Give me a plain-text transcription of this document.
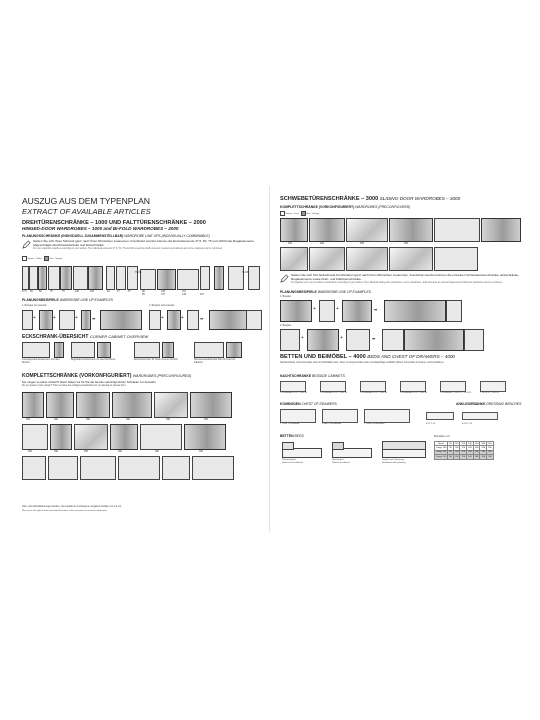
AUSZUG AUS DEM TYPENPLAN
EXTRACT OF AVAILABLE ARTICLES
DREHTÜRENSCHRÄNKE – 1000 UND FALTTÜRENSCHRÄNKE – 2000
HINGED-DOOR WARDROBES – 1000 and BI-FOLD WARDROBES – 2000
PLANUNGSSCHRÄNKE (INDIVIDUELL ZUSAMMENSTELLBAR) WARDROBE LINE UPS (INDIVIDUALLY COMBINABLE)
Stellen Sie sich Ihren Schrank ganz nach Ihren Wünschen zusammen. Kombiniert werden können die Einzelelemente 37,5, 50, 75 und 100 breite Regalelemente, abgeschrägte Abschlussschränke und Eckschränke.
Put your wardrobe together according to your wishes. The individual elements 37,5, 50, 75 and 100 as well as shelf elements, beveled end cabinets and corner cabinets can be combined.
Korpus · Falttür    Glas · Spiegel
37,5 50	50	75	75	100	100	40	47	57	98	128	157
65	137	146	157
H 236	H 216
PLANUNGSBEISPIELE WARDROBE LINE UP EXAMPLES
1. Beispiel 1st example	2. Beispiel 2nd example
+	+	+	➡	+	+	➡
ECKSCHRANK-ÜBERSICHT CORNER CABINET OVERVIEW
Innenliegendes Eckelement mit einer Drehtür
Begehbarer Eckschrank mit zwei Drehtüren	Eckschrank über 90 Grad mit einer Drehtür	Panorama-Eckschrank über 90 Grad mit Falttüren
KOMPLETTSCHRÄNKE (VORKONFIGURIERT) WARDROBES (PRECONFIGURED)
Sie mögen es lieber einfach? Dann haben wir für Sie die bereits vorkonfigurierten Schränke zur Auswahl.
Do you prefer it more simple? Then we have the configured wardrobes for you already to choose from.
150	200	250	300	250	300
200	150	250	200	300	300
Farb- und Modelländerungen bleiben, die Auswahl an vorhandenen Angaben behalten wir uns vor.
We reserve the right to color and model deviations in the correction of erroneous information.
SCHWEBETÜRENSCHRÄNKE – 3000 SLIDING-DOOR WARDROBES – 3000
KOMPLETTSCHRÄNKE (VORKONFIGURIERT) WARDROBES (PRECONFIGURED)
Korpus · Front    Glas · Spiegel
150	200	250	300
Stellen Sie sich Ihre Eckschrank-Kombination ganz nach Ihren Wünschen zusammen. Kombiniert werden können die einzelnen Schwebetürenschränke, Eckschränke, Regalelemente sowie Dreh- und Falttürenschränke.
Put together your corner cabinet combination according to your wishes. The individual sliding-door wardrobes, corner wardrobes, shelf elements as well as hinged and bi-fold door wardrobes can be combined.
PLANUNGSBEISPIELE WARDROBE LINE UP EXAMPLES
1. Beispiel
+	+	➡
2. Beispiel
+	+	➡
BETTEN UND BEIMÖBEL – 4000 BEDS AND CHEST OF DRAWERS – 4000
Nachtschränke und Kommoden sind mit Schubladen bzw. Türen in Korpus-Farben oder mit Glasauflage erhältlich. Betten mit Kopfteil in Korpus- und Frontfarben.
NACHTSCHRÄNKE BEDSIDE CABINETS
2 Schubladen B 52 T 38 H 41	2 Schubladen B 52 T 38 H 51	2 Schubladen B 52 T 38 H 61	3 Schubladen B 52 T 38 H 61	1 Schublade 1 Tür B 52 T 38 H 51	1 Tür B 52 T 38 H 51
KOMMODEN CHEST OF DRAWERS	ANKLEIDEBÄNKE DRESSING BENCHES
2 Türen 1 Schublade	4 oder 6 Schubladen	3 Türen 4 Schubladen	B 95 T 43	B 120 T 43
BETTEN BEDS
Polsterkopfteil
Upholstered headboard
Holzkopfteil
Wooden headboard
Kopfteil mit Polsterung
Headboard with upholstery
Bettmaße in cm
Breite	90	100	120	140	160	180	200
Länge 190	96	106	126	146	166	186	206
Länge 200	96	106	126	146	166	186	206
Länge 210	96	106	126	146	166	186	206
